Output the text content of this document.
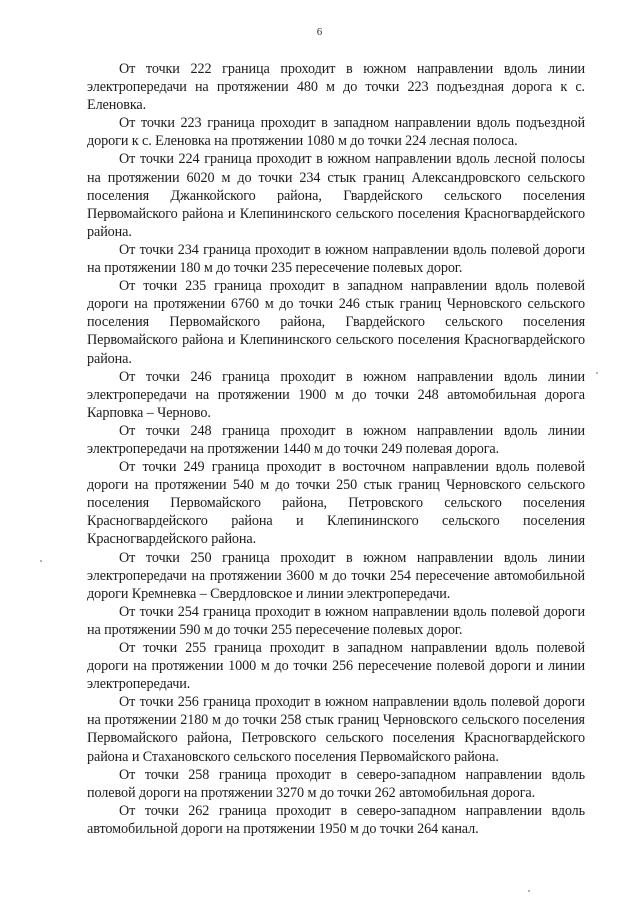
6

От точки 222 граница проходит в южном направлении вдоль линии электропередачи на протяжении 480 м до точки 223 подъездная дорога к с. Еленовка.

От точки 223 граница проходит в западном направлении вдоль подъездной дороги к с. Еленовка на протяжении 1080 м до точки 224 лесная полоса.

От точки 224 граница проходит в южном направлении вдоль лесной полосы на протяжении 6020 м до точки 234 стык границ Александровского сельского поселения Джанкойского района, Гвардейского сельского поселения Первомайского района и Клепининского сельского поселения Красногвардейского района.

От точки 234 граница проходит в южном направлении вдоль полевой дороги на протяжении 180 м до точки 235 пересечение полевых дорог.

От точки 235 граница проходит в западном направлении вдоль полевой дороги на протяжении 6760 м до точки 246 стык границ Черновского сельского поселения Первомайского района, Гвардейского сельского поселения Первомайского района и Клепининского сельского поселения Красногвардейского района.

От точки 246 граница проходит в южном направлении вдоль линии электропередачи на протяжении 1900 м до точки 248 автомобильная дорога Карповка – Черново.

От точки 248 граница проходит в южном направлении вдоль линии электропередачи на протяжении 1440 м до точки 249 полевая дорога.

От точки 249 граница проходит в восточном направлении вдоль полевой дороги на протяжении 540 м до точки 250 стык границ Черновского сельского поселения Первомайского района, Петровского сельского поселения Красногвардейского района и Клепининского сельского поселения Красногвардейского района.

От точки 250 граница проходит в южном направлении вдоль линии электропередачи на протяжении 3600 м до точки 254 пересечение автомобильной дороги Кремневка – Свердловское и линии электропередачи.

От точки 254 граница проходит в южном направлении вдоль полевой дороги на протяжении 590 м до точки 255 пересечение полевых дорог.

От точки 255 граница проходит в западном направлении вдоль полевой дороги на протяжении 1000 м до точки 256 пересечение полевой дороги и линии электропередачи.

От точки 256 граница проходит в южном направлении вдоль полевой дороги на протяжении 2180 м до точки 258 стык границ Черновского сельского поселения Первомайского района, Петровского сельского поселения Красногвардейского района и Стахановского сельского поселения Первомайского района.

От точки 258 граница проходит в северо-западном направлении вдоль полевой дороги на протяжении 3270 м до точки 262 автомобильная дорога.

От точки 262 граница проходит в северо-западном направлении вдоль автомобильной дороги на протяжении 1950 м до точки 264 канал.
